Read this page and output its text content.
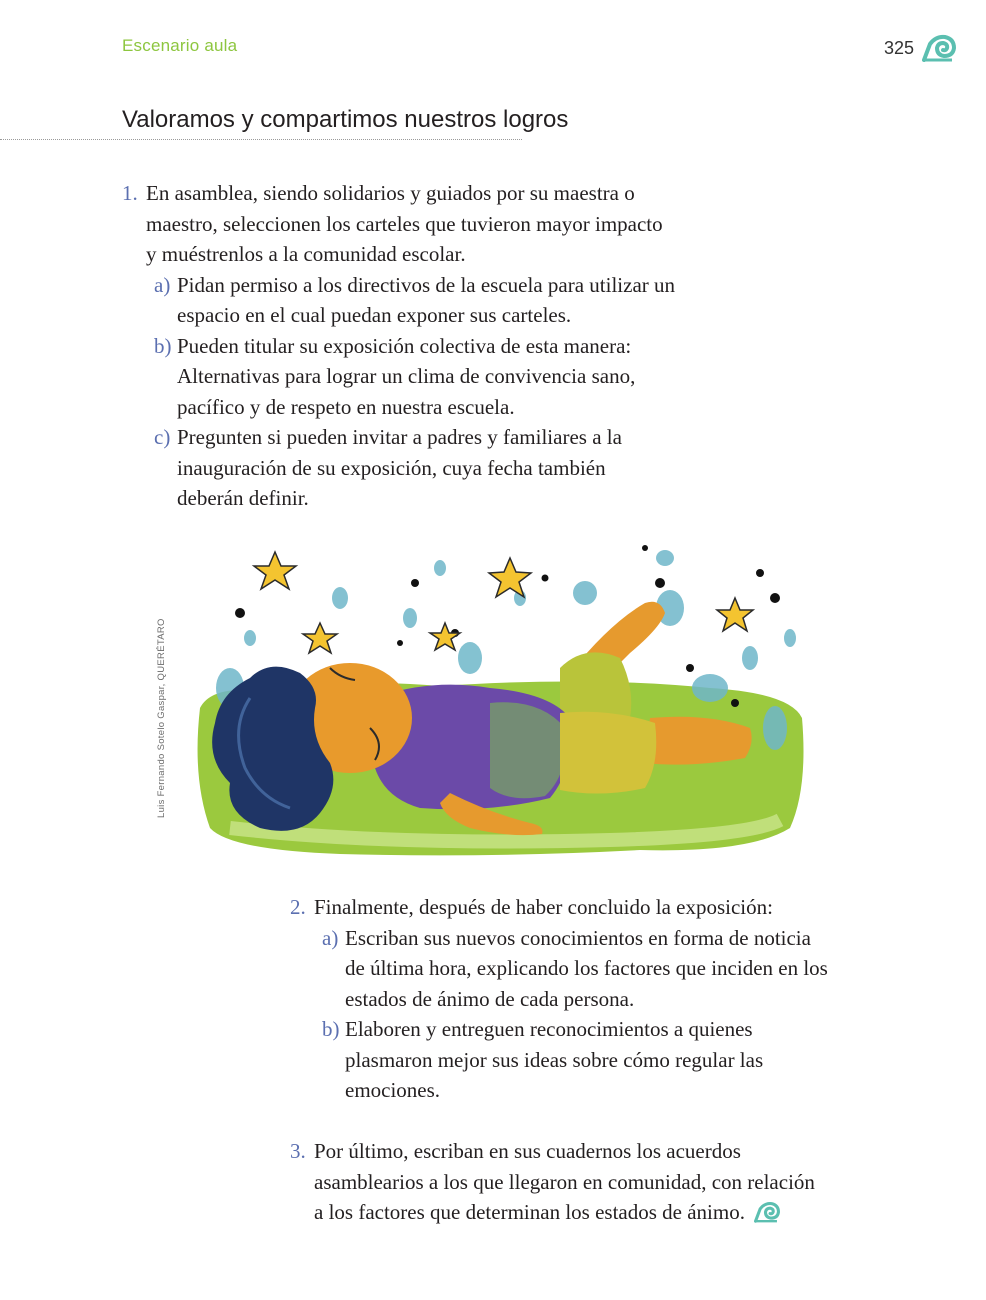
Escenario aula	325
Valoramos y compartimos nuestros logros
1. En asamblea, siendo solidarios y guiados por su maestra o
maestro, seleccionen los carteles que tuvieron mayor impacto
y muéstrenlos a la comunidad escolar.
a) Pidan permiso a los directivos de la escuela para utilizar un
espacio en el cual puedan exponer sus carteles.
b) Pueden titular su exposición colectiva de esta manera:
Alternativas para lograr un clima de convivencia sano,
pacífico y de respeto en nuestra escuela.
c) Pregunten si pueden invitar a padres y familiares a la
inauguración de su exposición, cuya fecha también
deberán definir.
Luis Fernando Sotelo Gaspar, QUERÉTARO
2. Finalmente, después de haber concluido la exposición:
a) Escriban sus nuevos conocimientos en forma de noticia
de última hora, explicando los factores que inciden en los
estados de ánimo de cada persona.
b) Elaboren y entreguen reconocimientos a quienes
plasmaron mejor sus ideas sobre cómo regular las
emociones.
3. Por último, escriban en sus cuadernos los acuerdos
asamblearios a los que llegaron en comunidad, con relación
a los factores que determinan los estados de ánimo.
